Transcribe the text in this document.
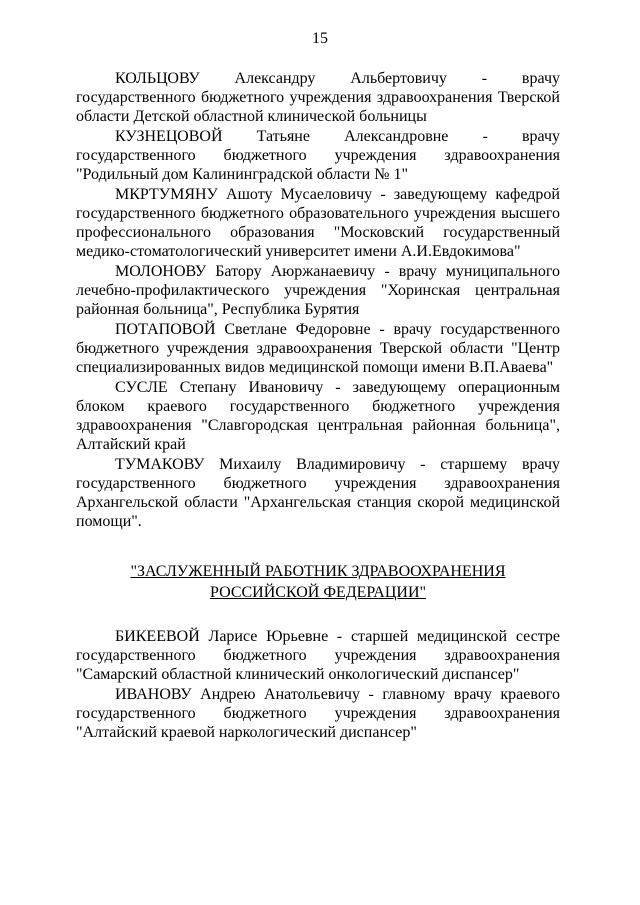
15

КОЛЬЦОВУ Александру Альбертовичу - врачу государственного бюджетного учреждения здравоохранения Тверской области Детской областной клинической больницы

КУЗНЕЦОВОЙ Татьяне Александровне - врачу государственного бюджетного учреждения здравоохранения "Родильный дом Калининградской области № 1"

МКРТУМЯНУ Ашоту Мусаеловичу - заведующему кафедрой государственного бюджетного образовательного учреждения высшего профессионального образования "Московский государственный медико-стоматологический университет имени А.И.Евдокимова"

МОЛОНОВУ Батору Аюржанаевичу - врачу муниципального лечебно-профилактического учреждения "Хоринская центральная районная больница", Республика Бурятия

ПОТАПОВОЙ Светлане Федоровне - врачу государственного бюджетного учреждения здравоохранения Тверской области "Центр специализированных видов медицинской помощи имени В.П.Аваева"

СУСЛЕ Степану Ивановичу - заведующему операционным блоком краевого государственного бюджетного учреждения здравоохранения "Славгородская центральная районная больница", Алтайский край

ТУМАКОВУ Михаилу Владимировичу - старшему врачу государственного бюджетного учреждения здравоохранения Архангельской области "Архангельская станция скорой медицинской помощи".

"ЗАСЛУЖЕННЫЙ РАБОТНИК ЗДРАВООХРАНЕНИЯ
РОССИЙСКОЙ ФЕДЕРАЦИИ"

БИКЕЕВОЙ Ларисе Юрьевне - старшей медицинской сестре государственного бюджетного учреждения здравоохранения "Самарский областной клинический онкологический диспансер"

ИВАНОВУ Андрею Анатольевичу - главному врачу краевого государственного бюджетного учреждения здравоохранения "Алтайский краевой наркологический диспансер"
